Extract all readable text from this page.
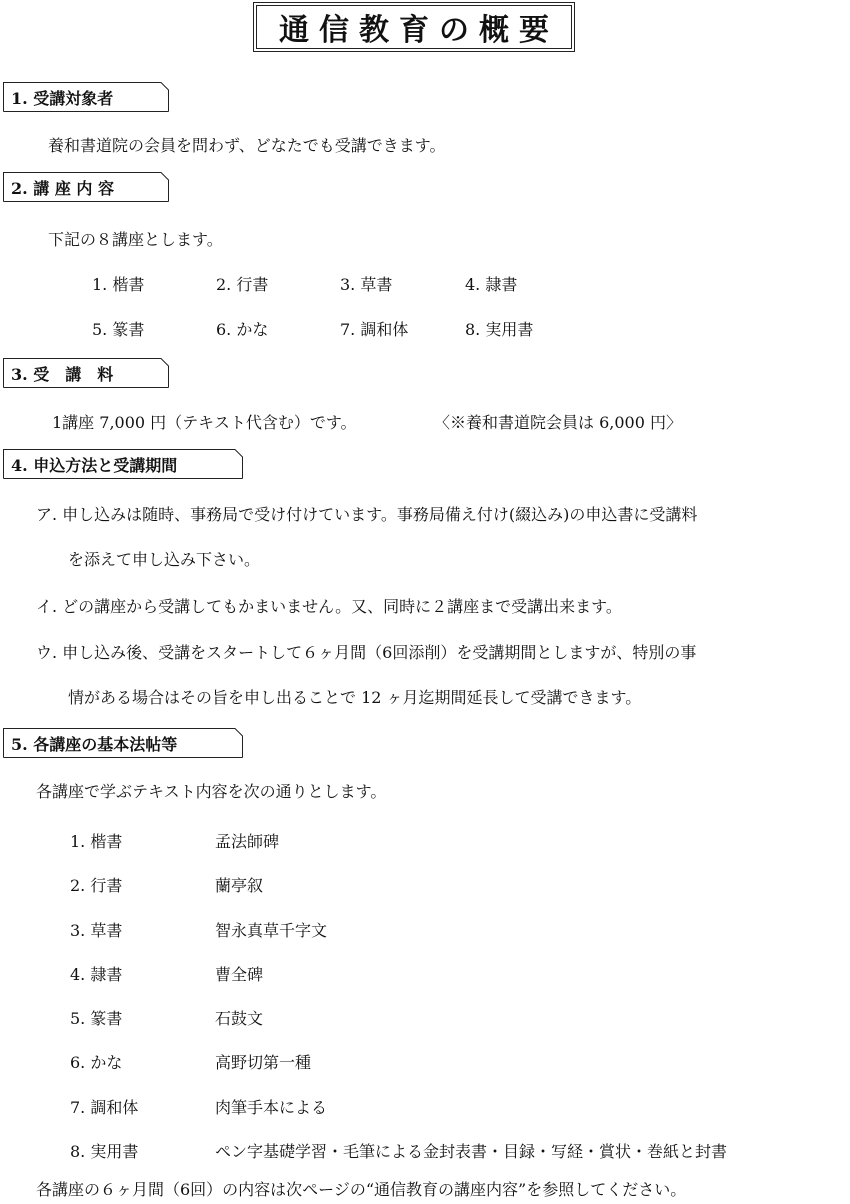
通信教育の概要
1. 受講対象者
養和書道院の会員を問わず、どなたでも受講できます。
2. 講 座 内 容
下記の８講座とします。
1. 楷書	2. 行書	3. 草書	4. 隷書
5. 篆書	6. かな	7. 調和体	8. 実用書
3. 受　講　料
1講座 7,000 円（テキスト代含む）です。	〈※養和書道院会員は 6,000 円〉
4. 申込方法と受講期間
ア. 申し込みは随時、事務局で受け付けています。事務局備え付け(綴込み)の申込書に受講料
を添えて申し込み下さい。
イ. どの講座から受講してもかまいません。又、同時に２講座まで受講出来ます。
ウ. 申し込み後、受講をスタートして６ヶ月間（6回添削）を受講期間としますが、特別の事
情がある場合はその旨を申し出ることで 12 ヶ月迄期間延長して受講できます。
5. 各講座の基本法帖等
各講座で学ぶテキスト内容を次の通りとします。
1. 楷書	孟法師碑
2. 行書	蘭亭叙
3. 草書	智永真草千字文
4. 隷書	曹全碑
5. 篆書	石鼓文
6. かな	高野切第一種
7. 調和体	肉筆手本による
8. 実用書	ペン字基礎学習・毛筆による金封表書・目録・写経・賞状・巻紙と封書
各講座の６ヶ月間（6回）の内容は次ページの“通信教育の講座内容”を参照してください。
